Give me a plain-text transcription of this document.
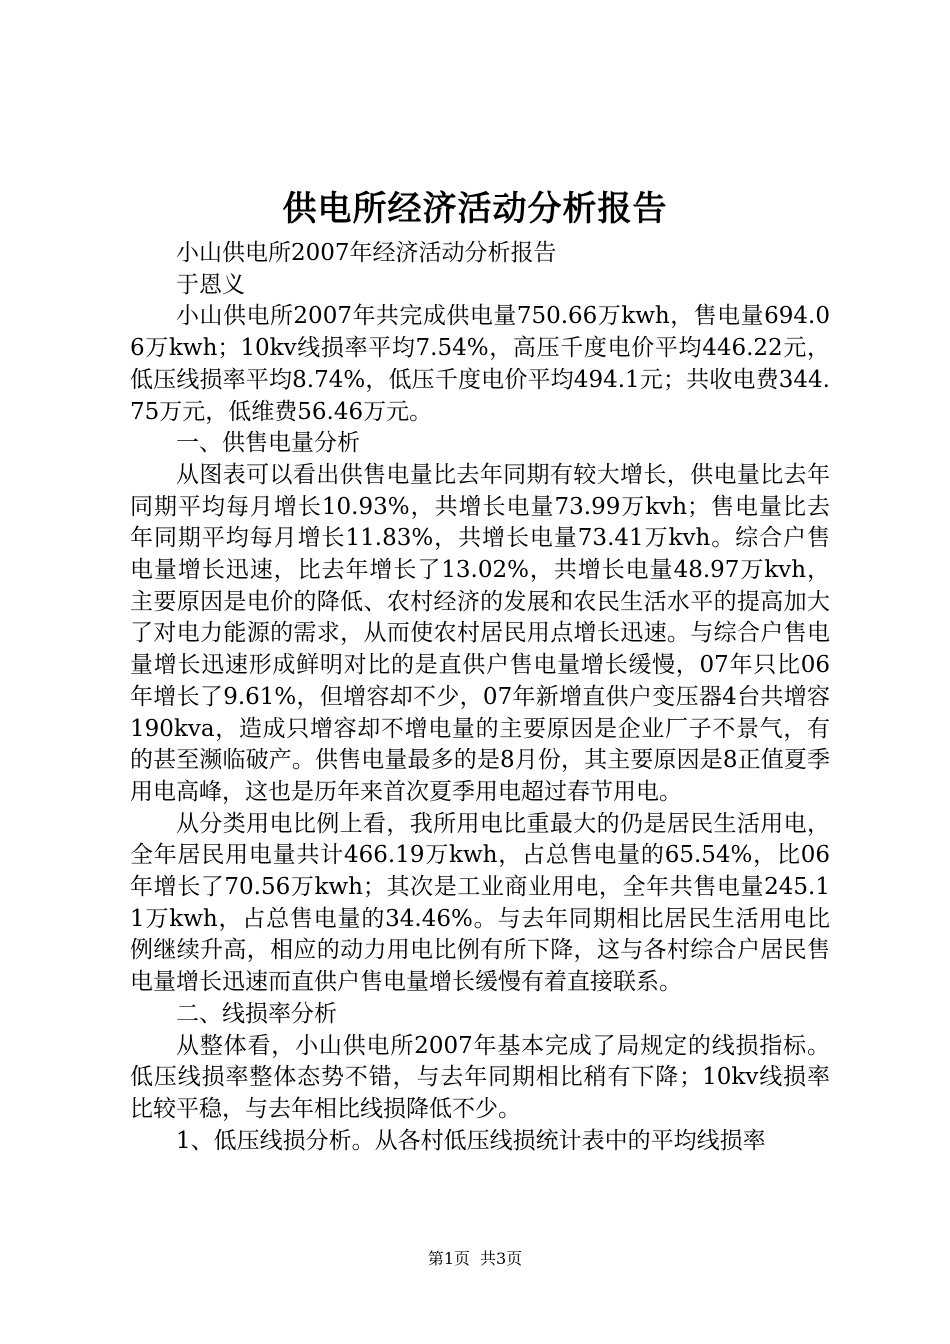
供电所经济活动分析报告

小山供电所2007年经济活动分析报告

于恩义

小山供电所2007年共完成供电量750.66万kwh，售电量694.06万kwh；10kv线损率平均7.54%，高压千度电价平均446.22元，低压线损率平均8.74%，低压千度电价平均494.1元；共收电费344.75万元，低维费56.46万元。

一、供售电量分析

从图表可以看出供售电量比去年同期有较大增长，供电量比去年同期平均每月增长10.93%，共增长电量73.99万kvh；售电量比去年同期平均每月增长11.83%，共增长电量73.41万kvh。综合户售电量增长迅速，比去年增长了13.02%，共增长电量48.97万kvh，主要原因是电价的降低、农村经济的发展和农民生活水平的提高加大了对电力能源的需求，从而使农村居民用点增长迅速。与综合户售电量增长迅速形成鲜明对比的是直供户售电量增长缓慢，07年只比06年增长了9.61%，但增容却不少，07年新增直供户变压器4台共增容190kva，造成只增容却不增电量的主要原因是企业厂子不景气，有的甚至濒临破产。供售电量最多的是8月份，其主要原因是8正值夏季用电高峰，这也是历年来首次夏季用电超过春节用电。

从分类用电比例上看，我所用电比重最大的仍是居民生活用电，全年居民用电量共计466.19万kwh，占总售电量的65.54%，比06年增长了70.56万kwh；其次是工业商业用电，全年共售电量245.11万kwh，占总售电量的34.46%。与去年同期相比居民生活用电比例继续升高，相应的动力用电比例有所下降，这与各村综合户居民售电量增长迅速而直供户售电量增长缓慢有着直接联系。

二、线损率分析

从整体看，小山供电所2007年基本完成了局规定的线损指标。低压线损率整体态势不错，与去年同期相比稍有下降；10kv线损率比较平稳，与去年相比线损降低不少。

1、低压线损分析。从各村低压线损统计表中的平均线损率

第1页 共3页
